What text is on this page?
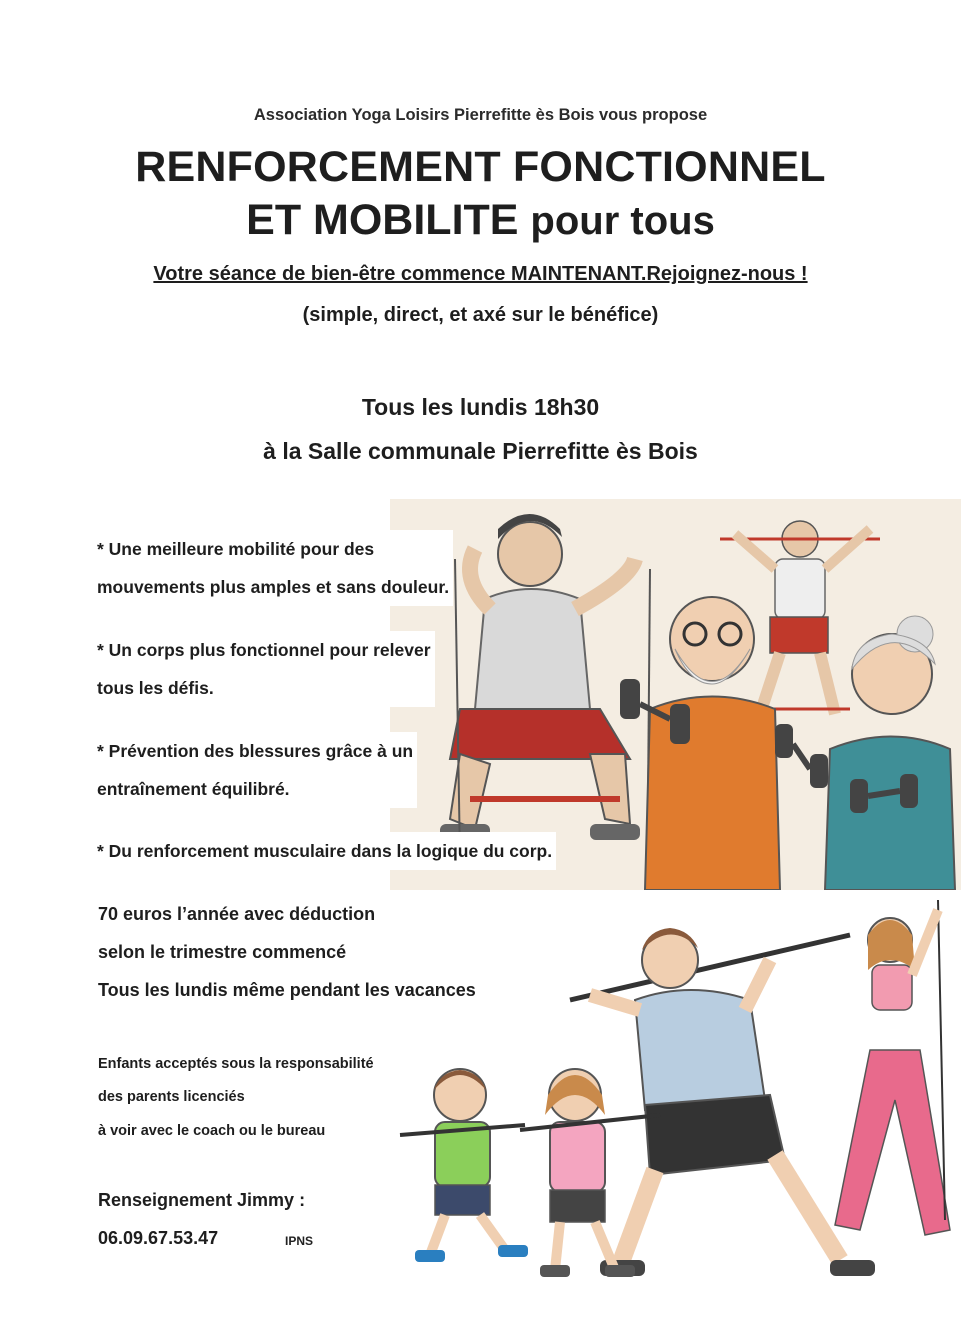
Association Yoga Loisirs Pierrefitte ès Bois vous propose
RENFORCEMENT FONCTIONNEL
ET MOBILITE pour tous
Votre séance de bien-être commence MAINTENANT.Rejoignez-nous !
(simple, direct, et axé sur le bénéfice)
Tous les lundis 18h30
à la Salle communale Pierrefitte ès Bois
* Une meilleure mobilité pour des
mouvements plus amples et sans douleur.
* Un corps plus fonctionnel pour relever
tous les défis.
* Prévention des blessures grâce à un
entraînement équilibré.
* Du renforcement musculaire dans la logique du corp.
70 euros l’année avec déduction
selon le trimestre commencé
Tous les lundis même pendant les vacances
Enfants acceptés sous la responsabilité
des parents licenciés
à voir avec le coach ou le bureau
Renseignement Jimmy :
06.09.67.53.47	IPNS
